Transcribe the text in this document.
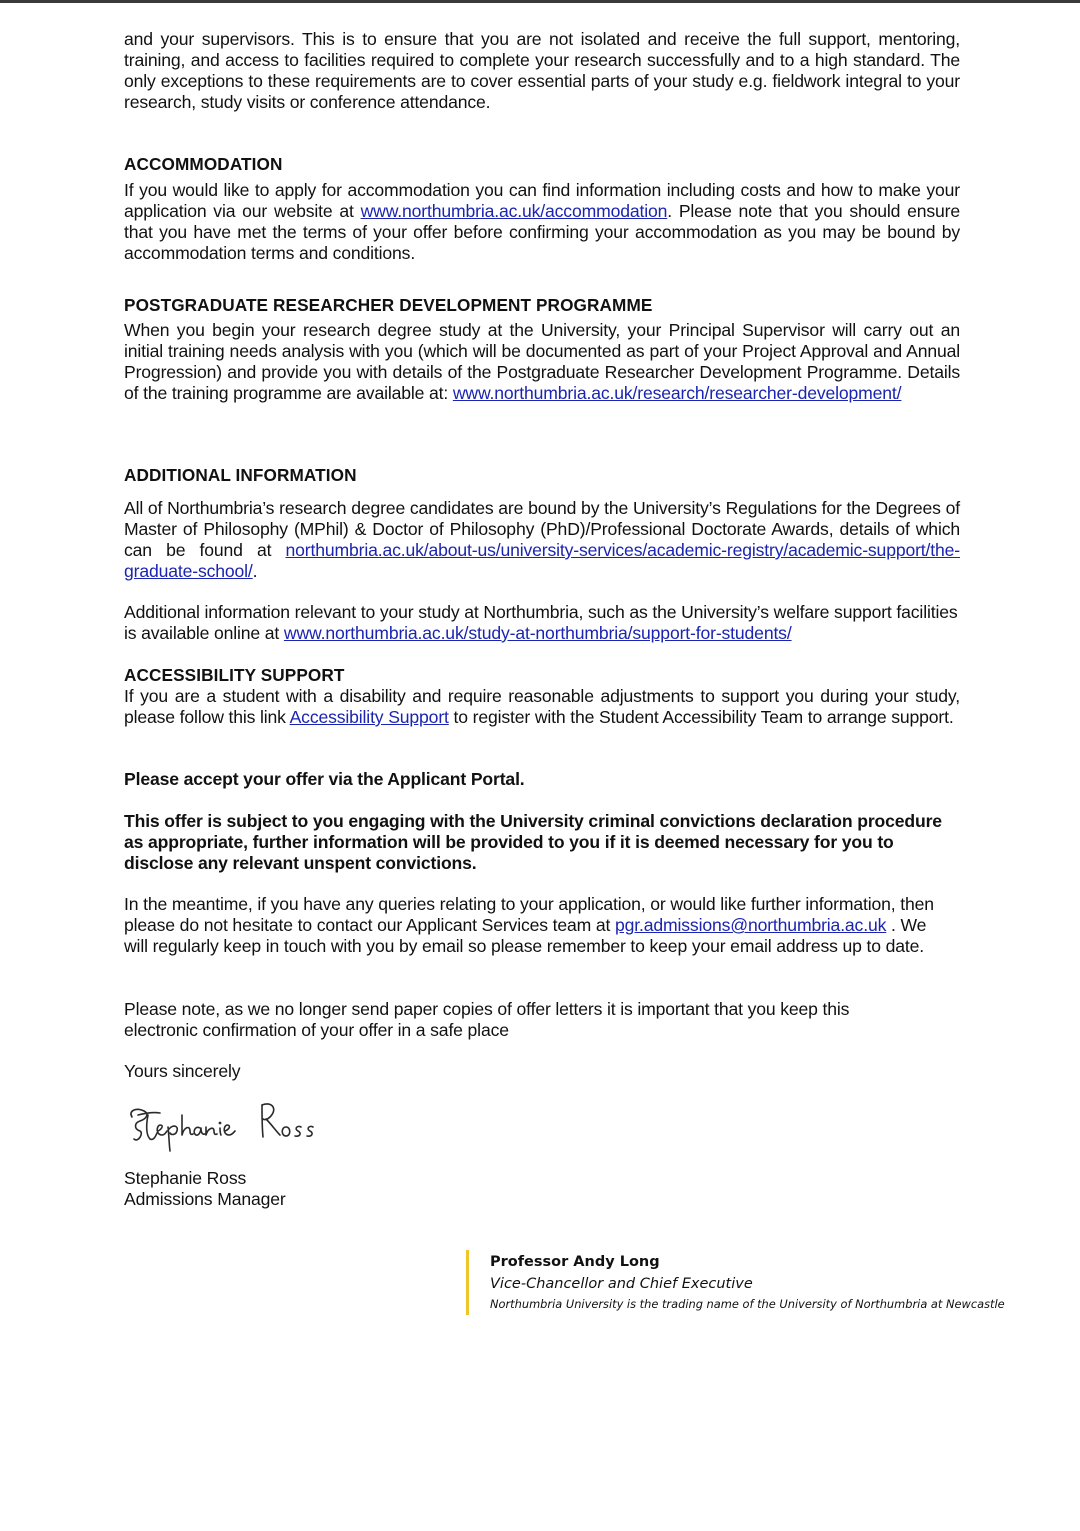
and your supervisors. This is to ensure that you are not isolated and receive the full support, mentoring, training, and access to facilities required to complete your research successfully and to a high standard. The only exceptions to these requirements are to cover essential parts of your study e.g. fieldwork integral to your research, study visits or conference attendance.

ACCOMMODATION

If you would like to apply for accommodation you can find information including costs and how to make your application via our website at www.northumbria.ac.uk/accommodation. Please note that you should ensure that you have met the terms of your offer before confirming your accommodation as you may be bound by accommodation terms and conditions.

POSTGRADUATE RESEARCHER DEVELOPMENT PROGRAMME

When you begin your research degree study at the University, your Principal Supervisor will carry out an initial training needs analysis with you (which will be documented as part of your Project Approval and Annual Progression) and provide you with details of the Postgraduate Researcher Development Programme. Details of the training programme are available at: www.northumbria.ac.uk/research/researcher-development/

ADDITIONAL INFORMATION

All of Northumbria’s research degree candidates are bound by the University’s Regulations for the Degrees of Master of Philosophy (MPhil) & Doctor of Philosophy (PhD)/Professional Doctorate Awards, details of which can be found at northumbria.ac.uk/about-us/university-services/academic-registry/academic-support/the-graduate-school/.

Additional information relevant to your study at Northumbria, such as the University’s welfare support facilities is available online at www.northumbria.ac.uk/study-at-northumbria/support-for-students/

ACCESSIBILITY SUPPORT

If you are a student with a disability and require reasonable adjustments to support you during your study, please follow this link Accessibility Support to register with the Student Accessibility Team to arrange support.

Please accept your offer via the Applicant Portal.

This offer is subject to you engaging with the University criminal convictions declaration procedure as appropriate, further information will be provided to you if it is deemed necessary for you to disclose any relevant unspent convictions.

In the meantime, if you have any queries relating to your application, or would like further information, then please do not hesitate to contact our Applicant Services team at pgr.admissions@northumbria.ac.uk . We will regularly keep in touch with you by email so please remember to keep your email address up to date.

Please note, as we no longer send paper copies of offer letters it is important that you keep this electronic confirmation of your offer in a safe place

Yours sincerely

Stephanie Ross

Admissions Manager

Professor Andy Long
Vice-Chancellor and Chief Executive
Northumbria University is the trading name of the University of Northumbria at Newcastle
